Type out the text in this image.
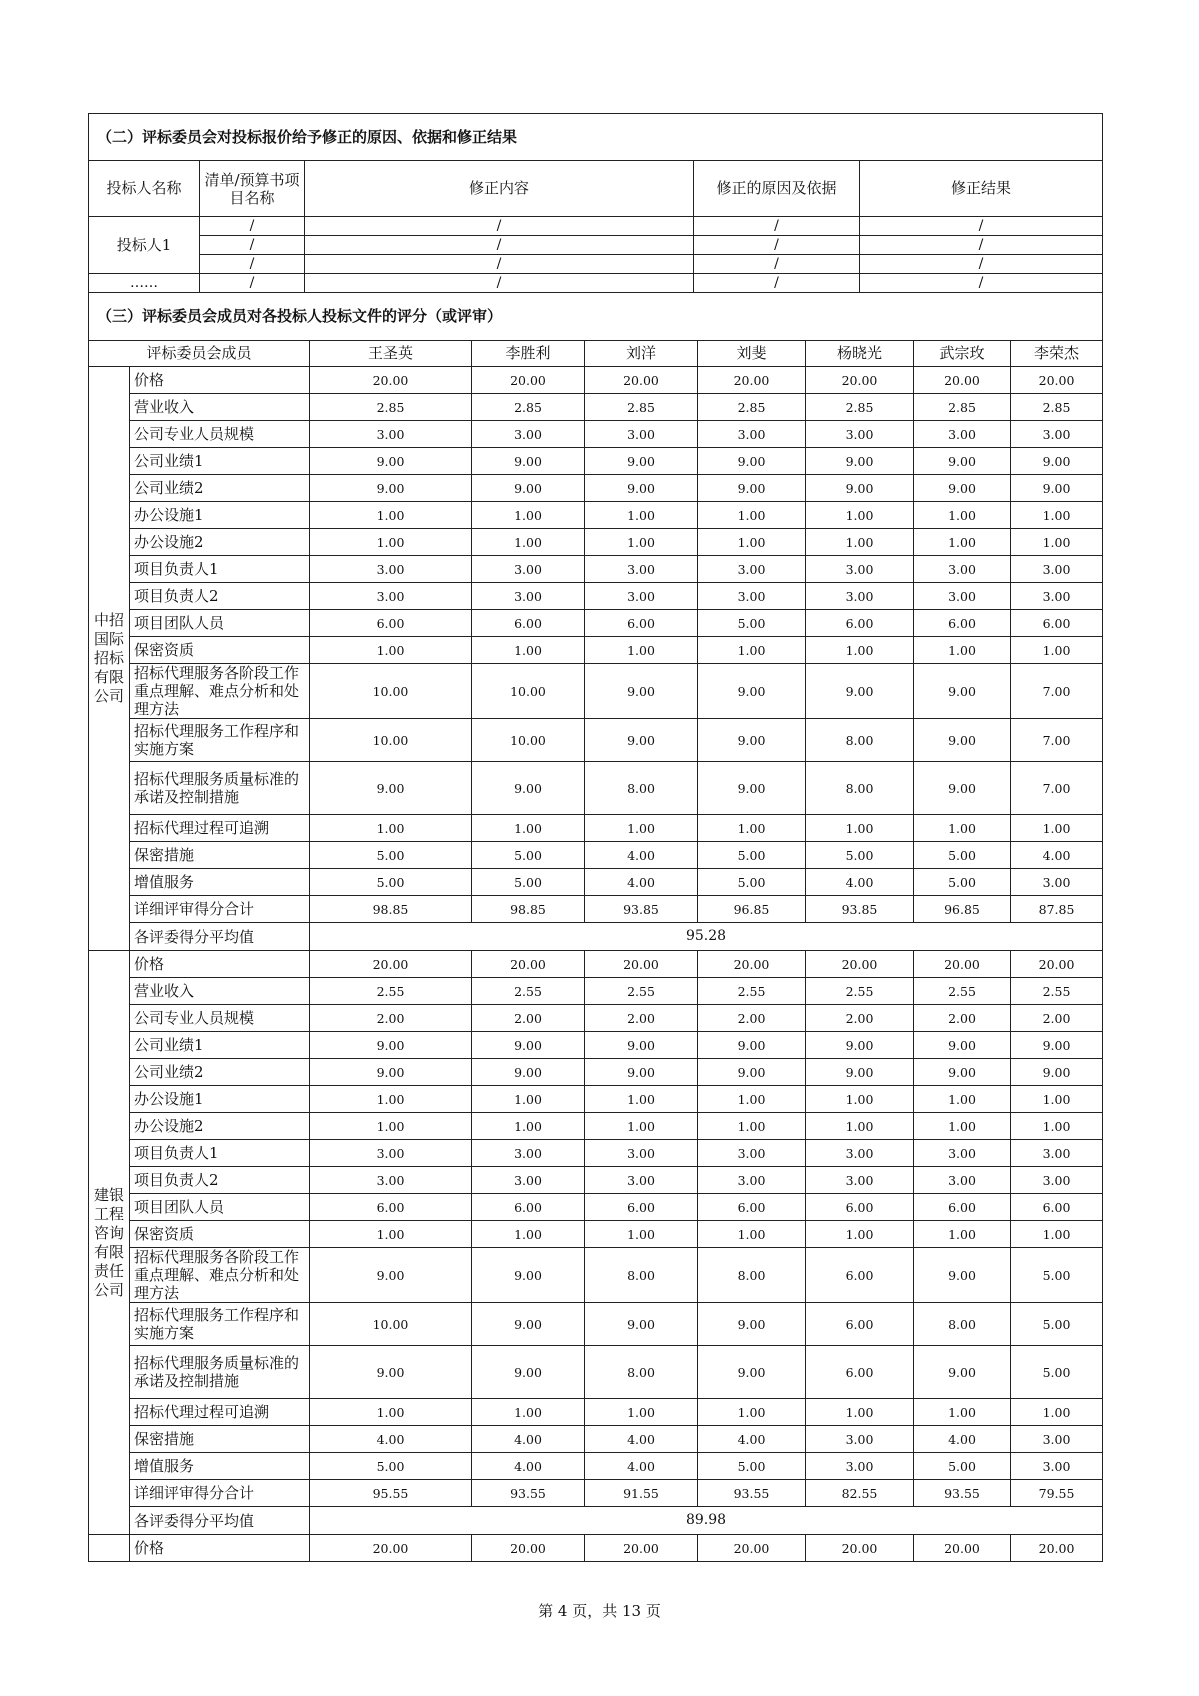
（二）评标委员会对投标报价给予修正的原因、依据和修正结果				
投标人名称	清单/预算书项目名称	修正内容	修正的原因及依据	修正结果
投标人1	/	/	/	/
	/	/	/	/
	/	/	/	/
……	/	/	/	/
（三）评标委员会成员对各投标人投标文件的评分（或评审）								
评标委员会成员		王圣英	李胜利	刘洋	刘斐	杨晓光	武宗玫	李荣杰
中招国际招标有限公司	价格	20.00	20.00	20.00	20.00	20.00	20.00	20.00
	营业收入	2.85	2.85	2.85	2.85	2.85	2.85	2.85
	公司专业人员规模	3.00	3.00	3.00	3.00	3.00	3.00	3.00
	公司业绩1	9.00	9.00	9.00	9.00	9.00	9.00	9.00
	公司业绩2	9.00	9.00	9.00	9.00	9.00	9.00	9.00
	办公设施1	1.00	1.00	1.00	1.00	1.00	1.00	1.00
	办公设施2	1.00	1.00	1.00	1.00	1.00	1.00	1.00
	项目负责人1	3.00	3.00	3.00	3.00	3.00	3.00	3.00
	项目负责人2	3.00	3.00	3.00	3.00	3.00	3.00	3.00
	项目团队人员	6.00	6.00	6.00	5.00	6.00	6.00	6.00
	保密资质	1.00	1.00	1.00	1.00	1.00	1.00	1.00
	招标代理服务各阶段工作重点理解、难点分析和处理方法	10.00	10.00	9.00	9.00	9.00	9.00	7.00
	招标代理服务工作程序和实施方案	10.00	10.00	9.00	9.00	8.00	9.00	7.00
	招标代理服务质量标准的承诺及控制措施	9.00	9.00	8.00	9.00	8.00	9.00	7.00
	招标代理过程可追溯	1.00	1.00	1.00	1.00	1.00	1.00	1.00
	保密措施	5.00	5.00	4.00	5.00	5.00	5.00	4.00
	增值服务	5.00	5.00	4.00	5.00	4.00	5.00	3.00
	详细评审得分合计	98.85	98.85	93.85	96.85	93.85	96.85	87.85
	各评委得分平均值	95.28						
建银工程咨询有限责任公司	价格	20.00	20.00	20.00	20.00	20.00	20.00	20.00
	营业收入	2.55	2.55	2.55	2.55	2.55	2.55	2.55
	公司专业人员规模	2.00	2.00	2.00	2.00	2.00	2.00	2.00
	公司业绩1	9.00	9.00	9.00	9.00	9.00	9.00	9.00
	公司业绩2	9.00	9.00	9.00	9.00	9.00	9.00	9.00
	办公设施1	1.00	1.00	1.00	1.00	1.00	1.00	1.00
	办公设施2	1.00	1.00	1.00	1.00	1.00	1.00	1.00
	项目负责人1	3.00	3.00	3.00	3.00	3.00	3.00	3.00
	项目负责人2	3.00	3.00	3.00	3.00	3.00	3.00	3.00
	项目团队人员	6.00	6.00	6.00	6.00	6.00	6.00	6.00
	保密资质	1.00	1.00	1.00	1.00	1.00	1.00	1.00
	招标代理服务各阶段工作重点理解、难点分析和处理方法	9.00	9.00	8.00	8.00	6.00	9.00	5.00
	招标代理服务工作程序和实施方案	10.00	9.00	9.00	9.00	6.00	8.00	5.00
	招标代理服务质量标准的承诺及控制措施	9.00	9.00	8.00	9.00	6.00	9.00	5.00
	招标代理过程可追溯	1.00	1.00	1.00	1.00	1.00	1.00	1.00
	保密措施	4.00	4.00	4.00	4.00	3.00	4.00	3.00
	增值服务	5.00	4.00	4.00	5.00	3.00	5.00	3.00
	详细评审得分合计	95.55	93.55	91.55	93.55	82.55	93.55	79.55
	各评委得分平均值	89.98						
	价格	20.00	20.00	20.00	20.00	20.00	20.00	20.00
第 4 页，共 13 页
